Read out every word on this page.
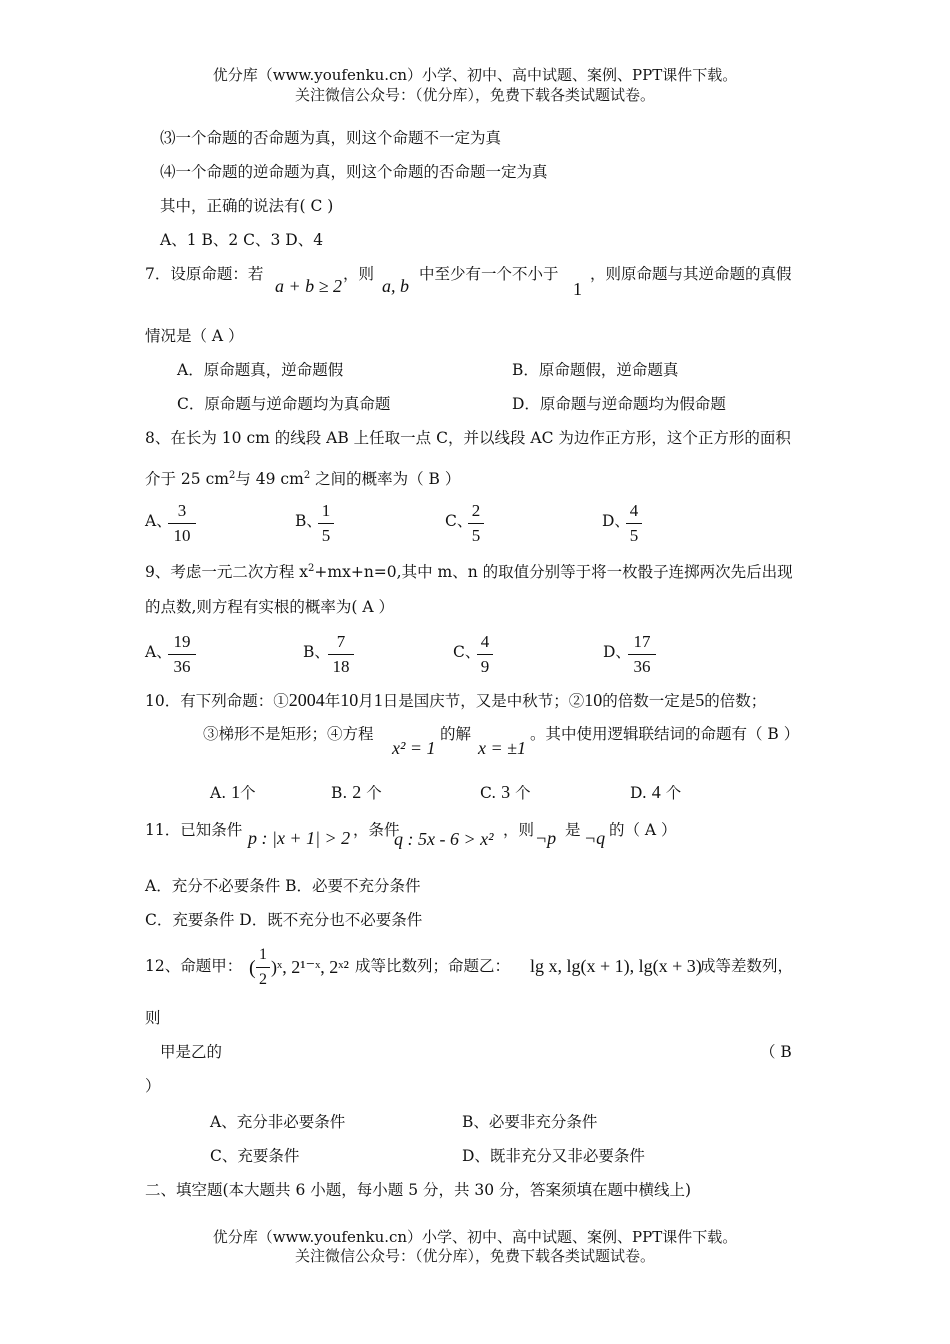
优分库（www.youfenku.cn）小学、初中、高中试题、案例、PPT课件下载。
关注微信公众号：（优分库），免费下载各类试题试卷。
⑶一个命题的否命题为真，则这个命题不一定为真
⑷一个命题的逆命题为真，则这个命题的否命题一定为真
其中，正确的说法有( C )
A、1 B、2 C、3 D、4
7．设原命题：若
a + b ≥ 2
，则
a, b
中至少有一个不小于
1
，则原命题与其逆命题的真假
情况是（ A ）
A．原命题真，逆命题假	B．原命题假，逆命题真
C．原命题与逆命题均为真命题	D．原命题与逆命题均为假命题
8、在长为 10 cm 的线段 AB 上任取一点 C，并以线段 AC 为边作正方形，这个正方形的面积
介于 25 $cm^2$与 49 $cm^2$ 之间的概率为（ B ）
A、
3
10
B、
1
5
C、
2
5
D、
4
5
9、考虑一元二次方程 $x^2+mx+n=0$,其中 m、n 的取值分别等于将一枚骰子连掷两次先后出现
的点数,则方程有实根的概率为( A ）
A、
19
36
B、
7
18
C、
4
9
D、
17
36
10．有下列命题：①2004年10月1日是国庆节，又是中秋节；②10的倍数一定是5的倍数；
③梯形不是矩形；④方程
x² = 1
的解
x = ±1
。其中使用逻辑联结词的命题有（ B ）
A. 1个	B. 2 个	C. 3 个	D. 4 个
11．已知条件 p : |x + 1| > 2 ，条件
q : 5x - 6 > x² ，则 ¬p 是 ¬q 的（ A ）
A．充分不必要条件 B．必要不充分条件
C．充要条件 D．既不充分也不必要条件
12、命题甲： (
1
2
)ˣ, 2¹⁻ˣ, 2ˣ² 成等比数列；命题乙： lg x, lg(x + 1), lg(x + 3)
成等差数列，
则
甲是乙的	（ B
）
A、充分非必要条件	B、必要非充分条件
C、充要条件	D、既非充分又非必要条件
二、填空题(本大题共 6 小题，每小题 5 分，共 30 分，答案须填在题中横线上)
优分库（www.youfenku.cn）小学、初中、高中试题、案例、PPT课件下载。
关注微信公众号：（优分库），免费下载各类试题试卷。
